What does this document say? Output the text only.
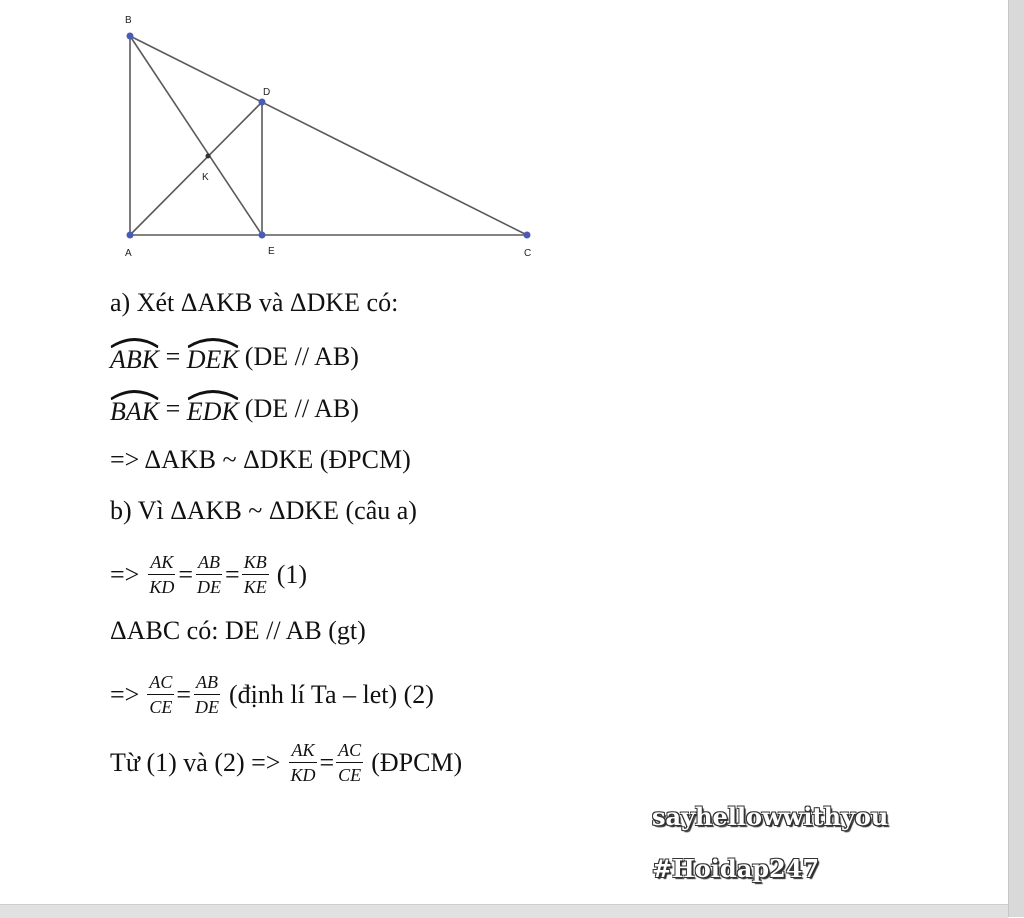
B
D
K
A	E	C
a) Xét ΔAKB và ΔDKE có:
ABK = DEK (DE // AB)
BAK = EDK (DE // AB)
=> ΔAKB ~ ΔDKE (ĐPCM)
b) Vì ΔAKB ~ ΔDKE (câu a)
=> $\frac{AK}{KD} = \frac{AB}{DE} = \frac{KB}{KE} (1)$
ΔABC có: DE // AB (gt)
=> $\frac{AC}{CE} = \frac{AB}{DE}$ (định lí Ta – let) (2)
Từ (1) và $(2) => \frac{AK}{KD} = \frac{AC}{CE}$ (ĐPCM)
sayhellowwithyou
#Hoidap247
